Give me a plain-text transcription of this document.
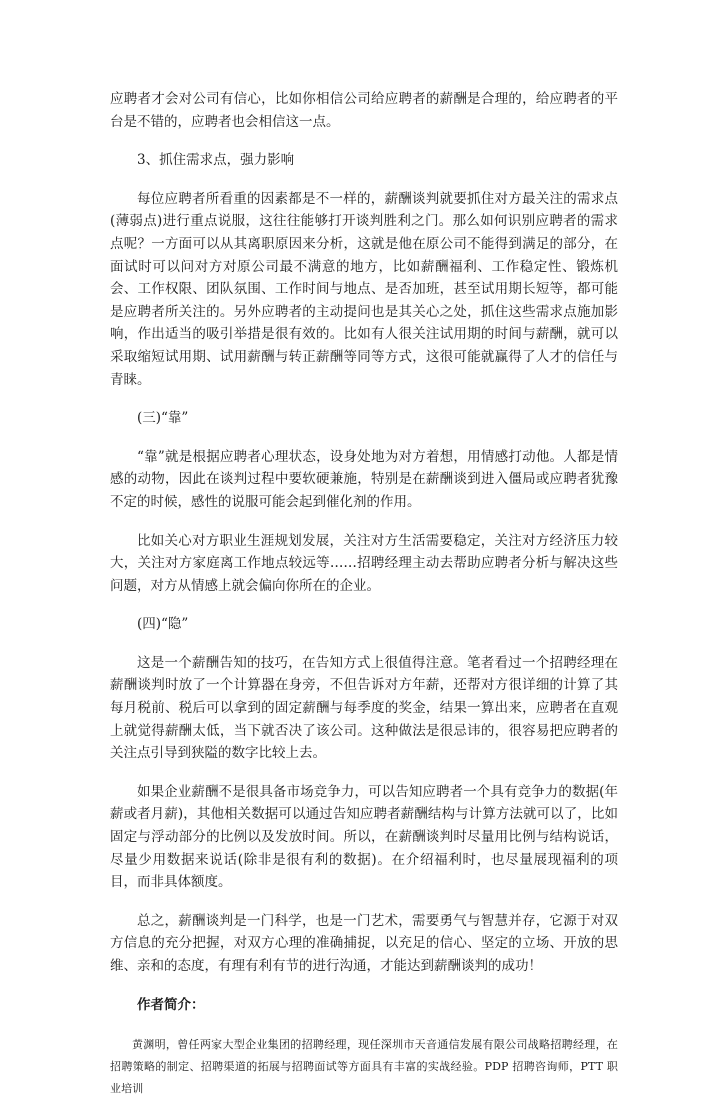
应聘者才会对公司有信心，比如你相信公司给应聘者的薪酬是合理的，给应聘者的平台是不错的，应聘者也会相信这一点。

3、抓住需求点，强力影响

每位应聘者所看重的因素都是不一样的，薪酬谈判就要抓住对方最关注的需求点(薄弱点)进行重点说服，这往往能够打开谈判胜利之门。那么如何识别应聘者的需求点呢？一方面可以从其离职原因来分析，这就是他在原公司不能得到满足的部分，在面试时可以问对方对原公司最不满意的地方，比如薪酬福利、工作稳定性、锻炼机会、工作权限、团队氛围、工作时间与地点、是否加班，甚至试用期长短等，都可能是应聘者所关注的。另外应聘者的主动提问也是其关心之处，抓住这些需求点施加影响，作出适当的吸引举措是很有效的。比如有人很关注试用期的时间与薪酬，就可以采取缩短试用期、试用薪酬与转正薪酬等同等方式，这很可能就赢得了人才的信任与青睐。

(三)“靠”

“靠”就是根据应聘者心理状态，设身处地为对方着想，用情感打动他。人都是情感的动物，因此在谈判过程中要软硬兼施，特别是在薪酬谈到进入僵局或应聘者犹豫不定的时候，感性的说服可能会起到催化剂的作用。

比如关心对方职业生涯规划发展，关注对方生活需要稳定，关注对方经济压力较大，关注对方家庭离工作地点较远等……招聘经理主动去帮助应聘者分析与解决这些问题，对方从情感上就会偏向你所在的企业。

(四)“隐”

这是一个薪酬告知的技巧，在告知方式上很值得注意。笔者看过一个招聘经理在薪酬谈判时放了一个计算器在身旁，不但告诉对方年薪，还帮对方很详细的计算了其每月税前、税后可以拿到的固定薪酬与每季度的奖金，结果一算出来，应聘者在直观上就觉得薪酬太低，当下就否决了该公司。这种做法是很忌讳的，很容易把应聘者的关注点引导到狭隘的数字比较上去。

如果企业薪酬不是很具备市场竞争力，可以告知应聘者一个具有竞争力的数据(年薪或者月薪)，其他相关数据可以通过告知应聘者薪酬结构与计算方法就可以了，比如固定与浮动部分的比例以及发放时间。所以，在薪酬谈判时尽量用比例与结构说话，尽量少用数据来说话(除非是很有利的数据)。在介绍福利时，也尽量展现福利的项目，而非具体额度。

总之，薪酬谈判是一门科学，也是一门艺术，需要勇气与智慧并存，它源于对双方信息的充分把握，对双方心理的准确捕捉，以充足的信心、坚定的立场、开放的思维、亲和的态度，有理有利有节的进行沟通，才能达到薪酬谈判的成功！

作者简介：

黄渊明，曾任两家大型企业集团的招聘经理，现任深圳市天音通信发展有限公司战略招聘经理，在招聘策略的制定、招聘渠道的拓展与招聘面试等方面具有丰富的实战经验。PDP 招聘咨询师，PTT 职业培训
